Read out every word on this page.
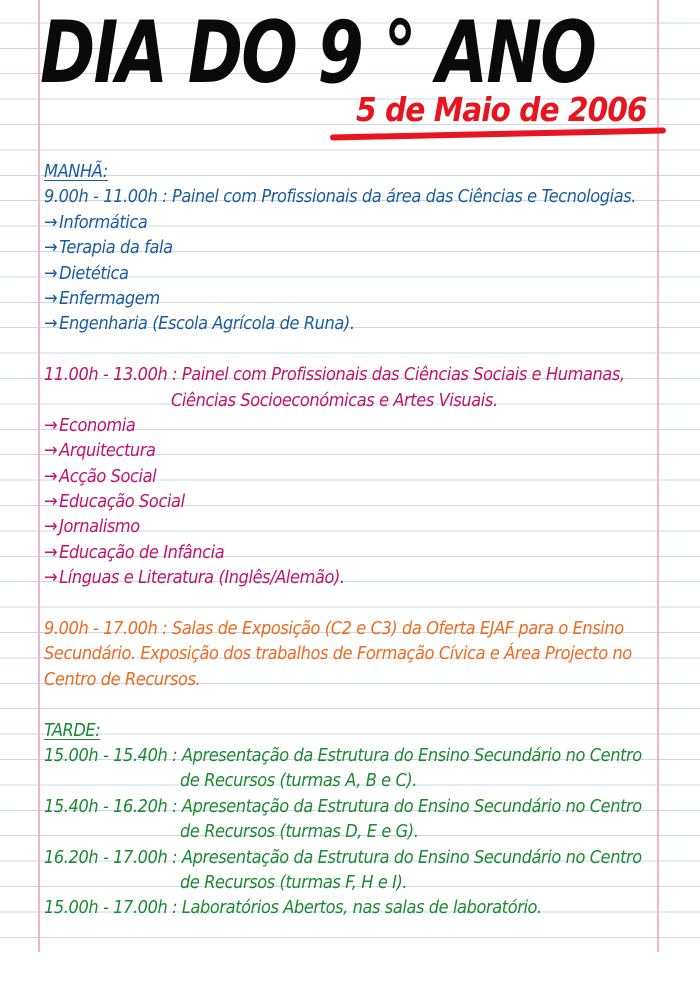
DIA DO 9 ° ANO
5 de Maio de 2006
MANHÃ:
9.00h - 11.00h : Painel com Profissionais da área das Ciências e Tecnologias.
→ Informática
→ Terapia da fala
→ Dietética
→ Enfermagem
→ Engenharia (Escola Agrícola de Runa).
11.00h - 13.00h : Painel com Profissionais das Ciências Sociais e Humanas,
Ciências Socioeconómicas e Artes Visuais.
→ Economia
→ Arquitectura
→ Acção Social
→ Educação Social
→ Jornalismo
→ Educação de Infância
→ Línguas e Literatura (Inglês/Alemão).
9.00h - 17.00h : Salas de Exposição (C2 e C3) da Oferta EJAF para o Ensino
Secundário. Exposição dos trabalhos de Formação Cívica e Área Projecto no
Centro de Recursos.
TARDE:
15.00h - 15.40h : Apresentação da Estrutura do Ensino Secundário no Centro
de Recursos (turmas A, B e C).
15.40h - 16.20h : Apresentação da Estrutura do Ensino Secundário no Centro
de Recursos (turmas D, E e G).
16.20h - 17.00h : Apresentação da Estrutura do Ensino Secundário no Centro
de Recursos (turmas F, H e I).
15.00h - 17.00h : Laboratórios Abertos, nas salas de laboratório.
